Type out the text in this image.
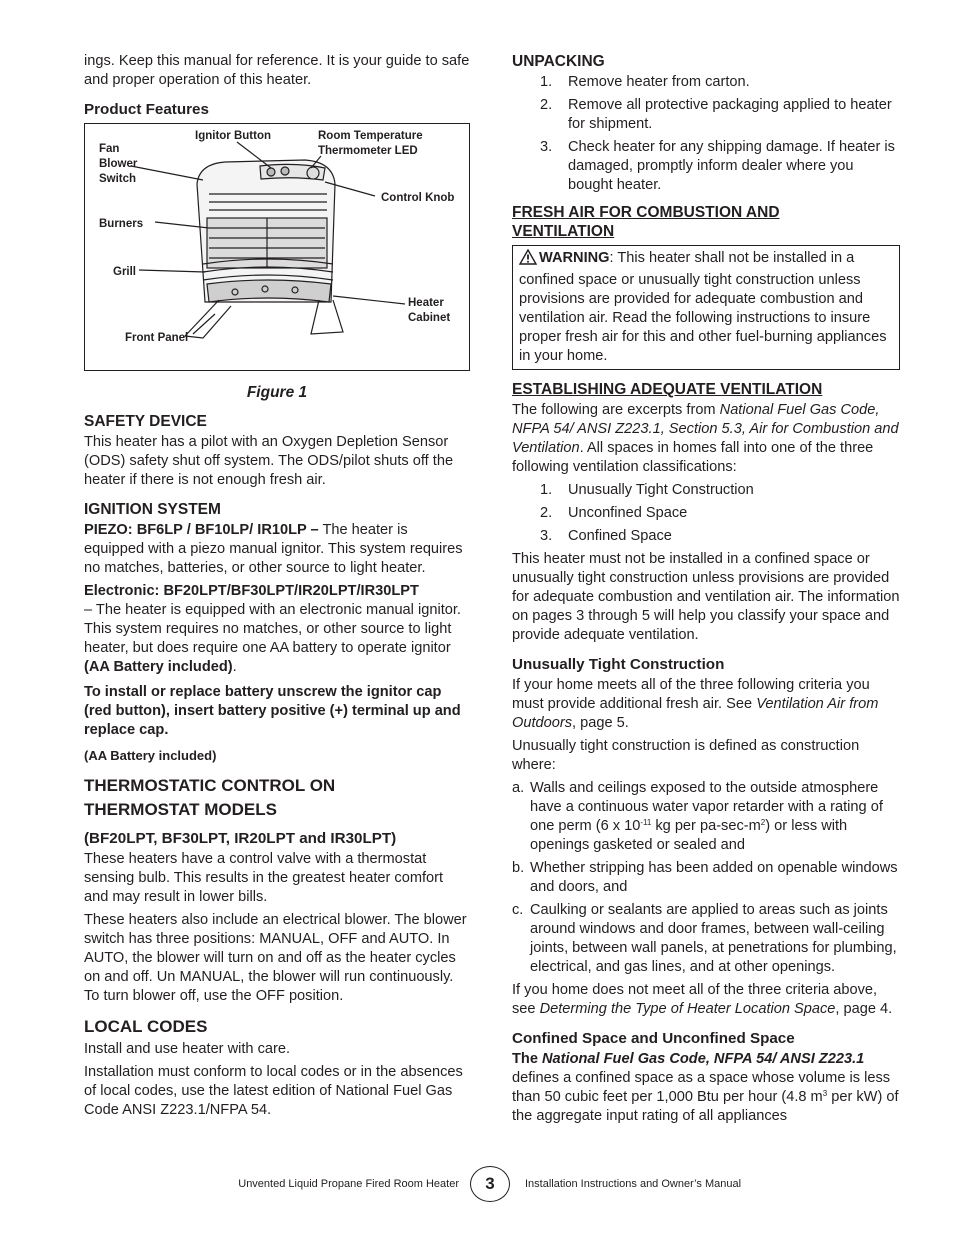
ings. Keep this manual for reference. It is your guide to safe and proper operation of this heater.

Product Features
Fan
Blower
Switch
Ignitor Button	Room Temperature
Thermometer LED
Control Knob
Burners
Grill
Heater
Cabinet
Front Panel
Figure 1
SAFETY DEVICE

This heater has a pilot with an Oxygen Depletion Sensor (ODS) safety shut off system. The ODS/pilot shuts off the heater if there is not enough fresh air.

IGNITION SYSTEM

PIEZO: BF6LP / BF10LP/ IR10LP – The heater is equipped with a piezo manual ignitor. This system requires no matches, batteries, or other source to light heater.

Electronic: BF20LPT/BF30LPT/IR20LPT/IR30LPT
– The heater is equipped with an electronic manual ignitor. This system requires no matches, or other source to light heater, but does require one AA battery to operate ignitor (AA Battery included).

To install or replace battery unscrew the ignitor cap (red button), insert battery positive (+) terminal up and replace cap.

(AA Battery included)

THERMOSTATIC CONTROL ON
THERMOSTAT MODELS
(BF20LPT, BF30LPT, IR20LPT and IR30LPT)

These heaters have a control valve with a thermostat sensing bulb. This results in the greatest heater comfort and may result in lower bills.

These heaters also include an electrical blower. The blower switch has three positions: MANUAL, OFF and AUTO. In AUTO, the blower will turn on and off as the heater cycles on and off. Un MANUAL, the blower will run continuously. To turn blower off, use the OFF position.

LOCAL CODES

Install and use heater with care.

Installation must conform to local codes or in the absences of local codes, use the latest edition of National Fuel Gas Code ANSI Z223.1/NFPA 54.

UNPACKING
1. Remove heater from carton.
2. Remove all protective packaging applied to heater for shipment.
3. Check heater for any shipping damage. If heater is damaged, promptly inform dealer where you bought heater.
FRESH AIR FOR COMBUSTION AND
VENTILATION
WARNING: This heater shall not be installed in a confined space or unusually tight construction unless provisions are provided for adequate combustion and ventilation air. Read the following instructions to insure proper fresh air for this and other fuel-burning appliances in your home.
ESTABLISHING ADEQUATE VENTILATION

The following are excerpts from National Fuel Gas Code, NFPA 54/ ANSI Z223.1, Section 5.3, Air for Combustion and Ventilation. All spaces in homes fall into one of the three following ventilation classifications:

1. Unusually Tight Construction
2. Unconfined Space
3. Confined Space

This heater must not be installed in a confined space or unusually tight construction unless provisions are provided for adequate combustion and ventilation air. The information on pages 3 through 5 will help you classify your space and provide adequate ventilation.

Unusually Tight Construction

If your home meets all of the three following criteria you must provide additional fresh air. See Ventilation Air from Outdoors, page 5.

Unusually tight construction is defined as construction where:

a. Walls and ceilings exposed to the outside atmosphere have a continuous water vapor retarder with a rating of one perm (6 x $10^{-11}$ kg per $pa-\sec-m^2$) or less with openings gasketed or sealed and
b. Whether stripping has been added on openable windows and doors, and
c. Caulking or sealants are applied to areas such as joints around windows and door frames, between wall-ceiling joints, between wall panels, at penetrations for plumbing, electrical, and gas lines, and at other openings.

If you home does not meet all of the three criteria above, see Determing the Type of Heater Location Space, page 4.

Confined Space and Unconfined Space

The National Fuel Gas Code, NFPA 54/ ANSI Z223.1 defines a confined space as a space whose volume is less than 50 cubic feet per 1,000 Btu per hour (4.8 $m^3$ per kW) of the aggregate input rating of all appliances

Unvented Liquid Propane Fired Room Heater	3	Installation Instructions and Owner’s Manual
